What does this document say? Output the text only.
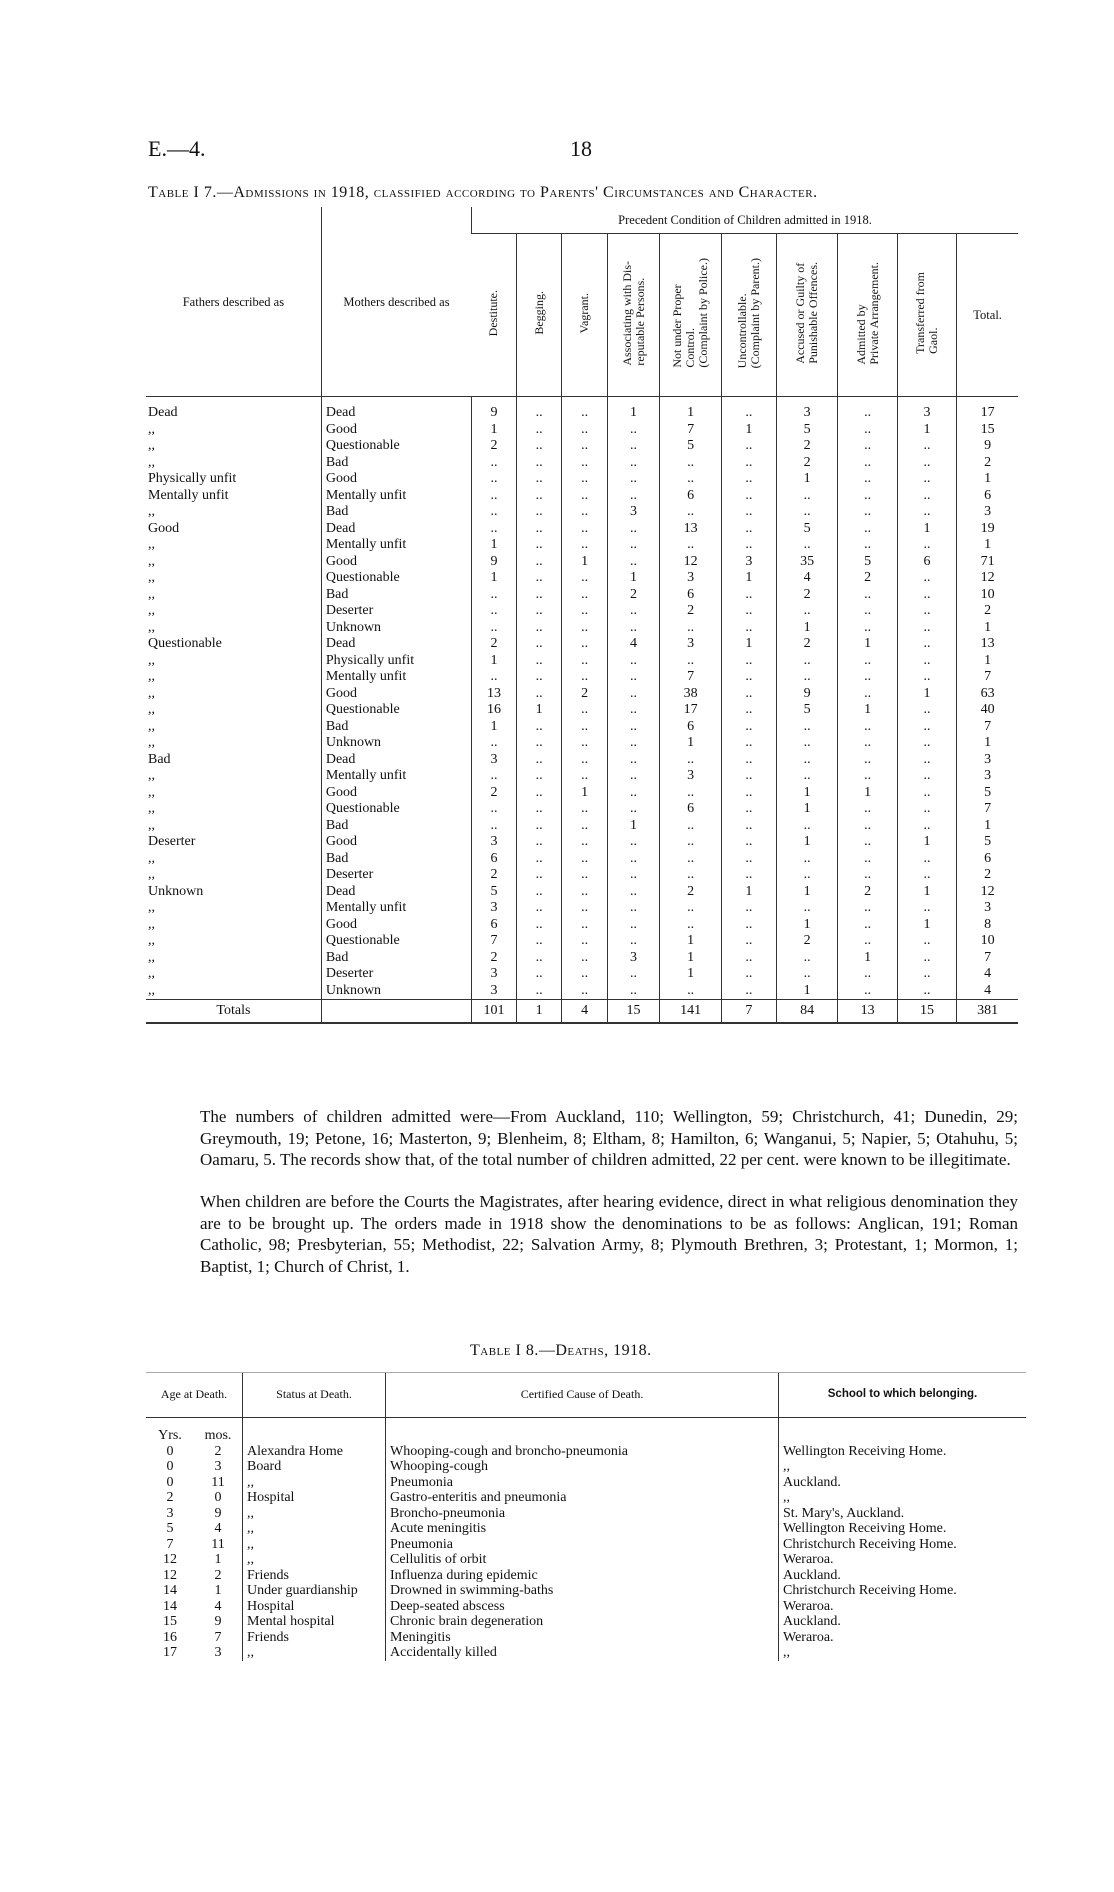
E.—4.	18
Table I 7.—Admissions in 1918, classified according to Parents' Circumstances and Character.
Fathers described as	Mothers described as	Precedent Condition of Children admitted in 1918.									
		Destitute.	Begging.	Vagrant.	Associating with Dis-
reputable Persons.	Not under Proper
Control.
(Complaint by Police.)	Uncontrollable.
(Complaint by Parent.)	Accused or Guilty of
Punishable Offences.	Admitted by
Private Arrangement.	Transferred from
Gaol.	Total.
Dead	Dead	9	..	..	1	1	..	3	..	3	17
,,	Good	1	..	..	..	7	1	5	..	1	15
,,	Questionable	2	..	..	..	5	..	2	..	..	9
,,	Bad	..	..	..	..	..	..	2	..	..	2
Physically unfit	Good	..	..	..	..	..	..	1	..	..	1
Mentally unfit	Mentally unfit	..	..	..	..	6	..	..	..	..	6
,,	Bad	..	..	..	3	..	..	..	..	..	3
Good	Dead	..	..	..	..	13	..	5	..	1	19
,,	Mentally unfit	1	..	..	..	..	..	..	..	..	1
,,	Good	9	..	1	..	12	3	35	5	6	71
,,	Questionable	1	..	..	1	3	1	4	2	..	12
,,	Bad	..	..	..	2	6	..	2	..	..	10
,,	Deserter	..	..	..	..	2	..	..	..	..	2
,,	Unknown	..	..	..	..	..	..	1	..	..	1
Questionable	Dead	2	..	..	4	3	1	2	1	..	13
,,	Physically unfit	1	..	..	..	..	..	..	..	..	1
,,	Mentally unfit	..	..	..	..	7	..	..	..	..	7
,,	Good	13	..	2	..	38	..	9	..	1	63
,,	Questionable	16	1	..	..	17	..	5	1	..	40
,,	Bad	1	..	..	..	6	..	..	..	..	7
,,	Unknown	..	..	..	..	1	..	..	..	..	1
Bad	Dead	3	..	..	..	..	..	..	..	..	3
,,	Mentally unfit	..	..	..	..	3	..	..	..	..	3
,,	Good	2	..	1	..	..	..	1	1	..	5
,,	Questionable	..	..	..	..	6	..	1	..	..	7
,,	Bad	..	..	..	1	..	..	..	..	..	1
Deserter	Good	3	..	..	..	..	..	1	..	1	5
,,	Bad	6	..	..	..	..	..	..	..	..	6
,,	Deserter	2	..	..	..	..	..	..	..	..	2
Unknown	Dead	5	..	..	..	2	1	1	2	1	12
,,	Mentally unfit	3	..	..	..	..	..	..	..	..	3
,,	Good	6	..	..	..	..	..	1	..	1	8
,,	Questionable	7	..	..	..	1	..	2	..	..	10
,,	Bad	2	..	..	3	1	..	..	1	..	7
,,	Deserter	3	..	..	..	1	..	..	..	..	4
,,	Unknown	3	..	..	..	..	..	1	..	..	4
Totals		101	1	4	15	141	7	84	13	15	381
The numbers of children admitted were—From Auckland, 110; Wellington, 59; Christchurch, 41; Dunedin, 29; Greymouth, 19; Petone, 16; Masterton, 9; Blenheim, 8; Eltham, 8; Hamilton, 6; Wanganui, 5; Napier, 5; Otahuhu, 5; Oamaru, 5. The records show that, of the total number of children admitted, 22 per cent. were known to be illegitimate.
When children are before the Courts the Magistrates, after hearing evidence, direct in what religious denomination they are to be brought up. The orders made in 1918 show the denominations to be as follows: Anglican, 191; Roman Catholic, 98; Presbyterian, 55; Methodist, 22; Salvation Army, 8; Plymouth Brethren, 3; Protestant, 1; Mormon, 1; Baptist, 1; Church of Christ, 1.
Table I 8.—Deaths, 1918.
Age at Death.		Status at Death.	Certified Cause of Death.	School to which belonging.
Yrs.	mos.			
0	2	Alexandra Home	Whooping-cough and broncho-pneumonia	Wellington Receiving Home.
0	3	Board	Whooping-cough	,,
0	11	,,	Pneumonia	Auckland.
2	0	Hospital	Gastro-enteritis and pneumonia	,,
3	9	,,	Broncho-pneumonia	St. Mary's, Auckland.
5	4	,,	Acute meningitis	Wellington Receiving Home.
7	11	,,	Pneumonia	Christchurch Receiving Home.
12	1	,,	Cellulitis of orbit	Weraroa.
12	2	Friends	Influenza during epidemic	Auckland.
14	1	Under guardianship	Drowned in swimming-baths	Christchurch Receiving Home.
14	4	Hospital	Deep-seated abscess	Weraroa.
15	9	Mental hospital	Chronic brain degeneration	Auckland.
16	7	Friends	Meningitis	Weraroa.
17	3	,,	Accidentally killed	,,
